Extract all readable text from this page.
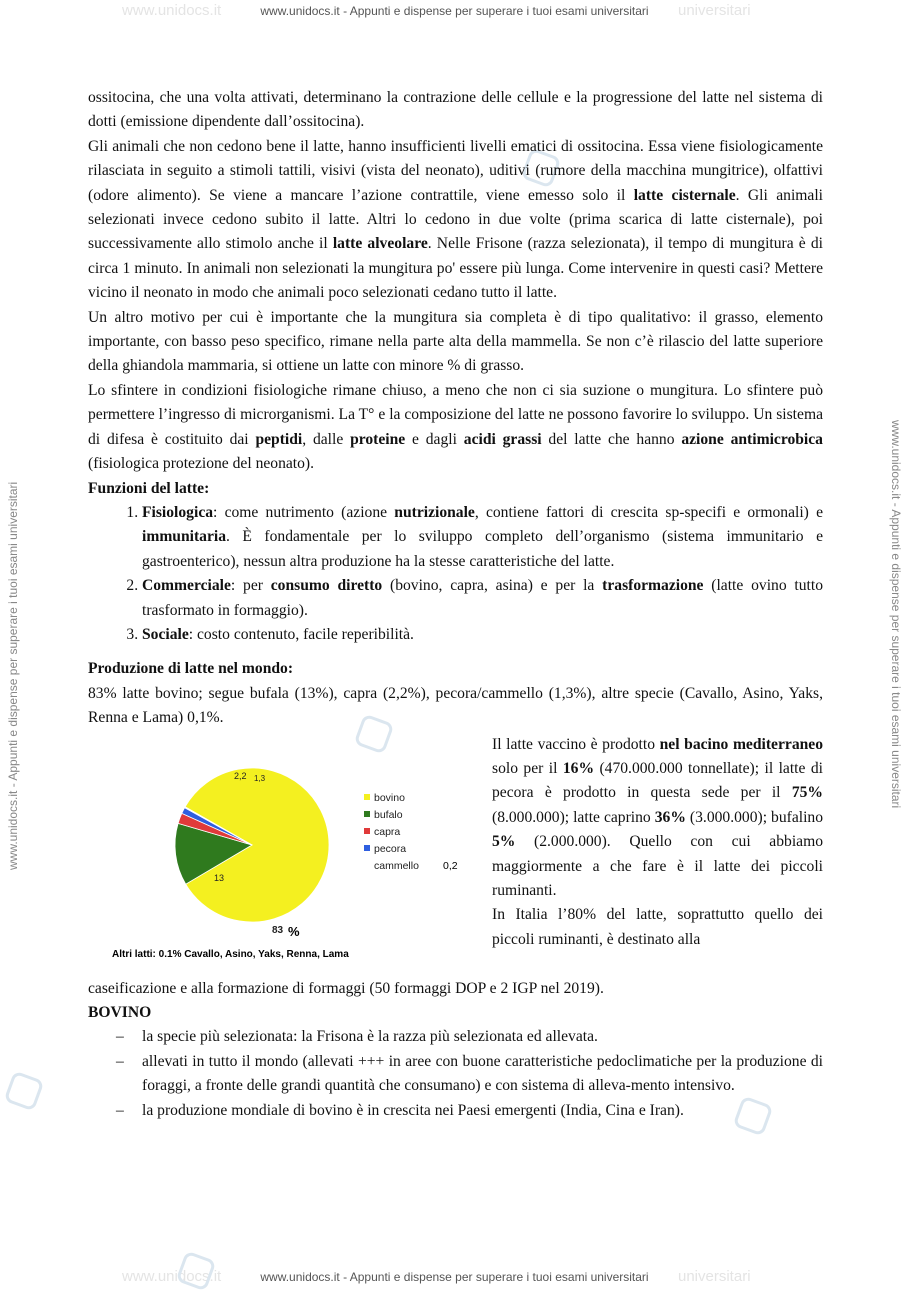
www.unidocs.it	universitari
www.unidocs.it - Appunti e dispense per superare i tuoi esami universitari
www.unidocs.it	universitari
www.unidocs.it - Appunti e dispense per superare i tuoi esami universitari
www.unidocs.it - Appunti e dispense per superare i tuoi esami universitari	www.unidocs.it - Appunti e dispense per superare i tuoi esami universitari

ossitocina, che una volta attivati, determinano la contrazione delle cellule e la progressione del latte nel sistema di dotti (emissione dipendente dall’ossitocina).

Gli animali che non cedono bene il latte, hanno insufficienti livelli ematici di ossitocina. Essa viene fisiologicamente rilasciata in seguito a stimoli tattili, visivi (vista del neonato), uditivi (rumore della macchina mungitrice), olfattivi (odore alimento). Se viene a mancare l’azione contrattile, viene emesso solo il latte cisternale. Gli animali selezionati invece cedono subito il latte. Altri lo cedono in due volte (prima scarica di latte cisternale), poi successivamente allo stimolo anche il latte alveolare. Nelle Frisone (razza selezionata), il tempo di mungitura è di circa 1 minuto. In animali non selezionati la mungitura po' essere più lunga. Come intervenire in questi casi? Mettere vicino il neonato in modo che animali poco selezionati cedano tutto il latte.

Un altro motivo per cui è importante che la mungitura sia completa è di tipo qualitativo: il grasso, elemento importante, con basso peso specifico, rimane nella parte alta della mammella. Se non c’è rilascio del latte superiore della ghiandola mammaria, si ottiene un latte con minore % di grasso.

Lo sfintere in condizioni fisiologiche rimane chiuso, a meno che non ci sia suzione o mungitura. Lo sfintere può permettere l’ingresso di microrganismi. La T° e la composizione del latte ne possono favorire lo sviluppo. Un sistema di difesa è costituito dai peptidi, dalle proteine e dagli acidi grassi del latte che hanno azione antimicrobica (fisiologica protezione del neonato).

Funzioni del latte:

1. Fisiologica: come nutrimento (azione nutrizionale, contiene fattori di crescita sp-specifi e ormonali) e immunitaria. È fondamentale per lo sviluppo completo dell’organismo (sistema immunitario e gastroenterico), nessun altra produzione ha la stesse caratteristiche del latte.
2. Commerciale: per consumo diretto (bovino, capra, asina) e per la trasformazione (latte ovino tutto trasformato in formaggio).
3. Sociale: costo contenuto, facile reperibilità.

Produzione di latte nel mondo:

83% latte bovino; segue bufala (13%), capra (2,2%), pecora/cammello (1,3%), altre specie (Cavallo, Asino, Yaks, Renna e Lama) 0,1%.

83
13
2,2 1,3
%
bovino
bufalo
capra
pecora
cammello 0,2
Altri latti: 0.1% Cavallo, Asino, Yaks, Renna, Lama
Il latte vaccino è prodotto nel bacino mediterraneo solo per il 16% (470.000.000 tonnellate); il latte di pecora è prodotto in questa sede per il 75% (8.000.000); latte caprino 36% (3.000.000); bufalino 5% (2.000.000). Quello con cui abbiamo maggiormente a che fare è il latte dei piccoli ruminanti.
In Italia l’80% del latte, soprattutto quello dei piccoli ruminanti, è destinato alla

caseificazione e alla formazione di formaggi (50 formaggi DOP e 2 IGP nel 2019).

BOVINO

– la specie più selezionata: la Frisona è la razza più selezionata ed allevata.
– allevati in tutto il mondo (allevati +++ in aree con buone caratteristiche pedoclimatiche per la produzione di foraggi, a fronte delle grandi quantità che consumano) e con sistema di alleva-mento intensivo.
– la produzione mondiale di bovino è in crescita nei Paesi emergenti (India, Cina e Iran).
